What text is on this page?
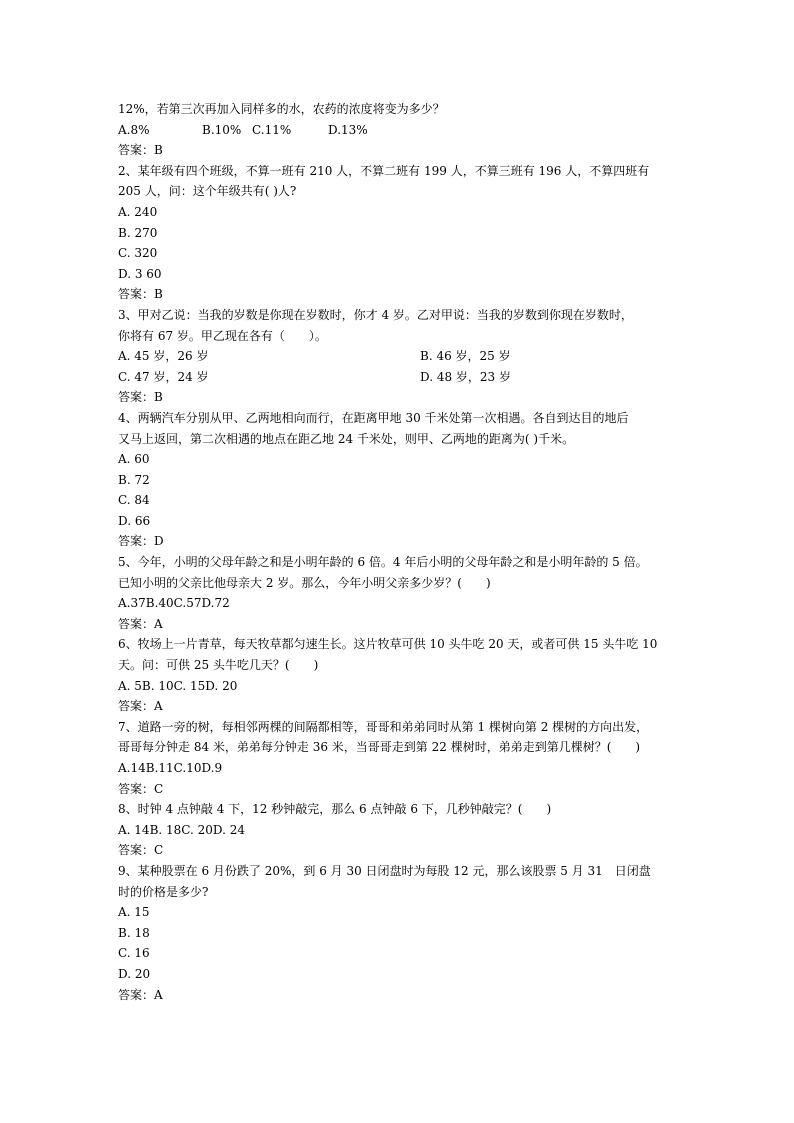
12%，若第三次再加入同样多的水，农药的浓度将变为多少？
A.8%	B.10% C.11%	D.13%
答案：B
2、某年级有四个班级，不算一班有 210 人，不算二班有 199 人，不算三班有 196 人，不算四班有
205 人，问：这个年级共有( )人?
A. 240
B. 270
C. 320
D. 3 60
答案：B
3、甲对乙说：当我的岁数是你现在岁数时，你才 4 岁。乙对甲说：当我的岁数到你现在岁数时，
你将有 67 岁。甲乙现在各有（　　）。
A. 45 岁，26 岁	B. 46 岁，25 岁
C. 47 岁，24 岁	D. 48 岁，23 岁
答案：B
4、两辆汽车分别从甲、乙两地相向而行，在距离甲地 30 千米处第一次相遇。各自到达目的地后
又马上返回，第二次相遇的地点在距乙地 24 千米处，则甲、乙两地的距离为( )千米。
A. 60
B. 72
C. 84
D. 66
答案：D
5、今年，小明的父母年龄之和是小明年龄的 6 倍。4 年后小明的父母年龄之和是小明年龄的 5 倍。
已知小明的父亲比他母亲大 2 岁。那么，今年小明父亲多少岁？(　　)
A.37B.40C.57D.72
答案：A
6、牧场上一片青草，每天牧草都匀速生长。这片牧草可供 10 头牛吃 20 天，或者可供 15 头牛吃 10
天。问：可供 25 头牛吃几天？(　　)
A. 5B. 10C. 15D. 20
答案：A
7、道路一旁的树，每相邻两棵的间隔都相等，哥哥和弟弟同时从第 1 棵树向第 2 棵树的方向出发，
哥哥每分钟走 84 米，弟弟每分钟走 36 米，当哥哥走到第 22 棵树时，弟弟走到第几棵树？(　　)
A.14B.11C.10D.9
答案：C
8、时钟 4 点钟敲 4 下，12 秒钟敲完，那么 6 点钟敲 6 下，几秒钟敲完？(　　)
A. 14B. 18C. 20D. 24
答案：C
9、某种股票在 6 月份跌了 20%，到 6 月 30 日闭盘时为每股 12 元，那么该股票 5 月 31　日闭盘
时的价格是多少?
A. 15
B. 18
C. 16
D. 20
答案：A
